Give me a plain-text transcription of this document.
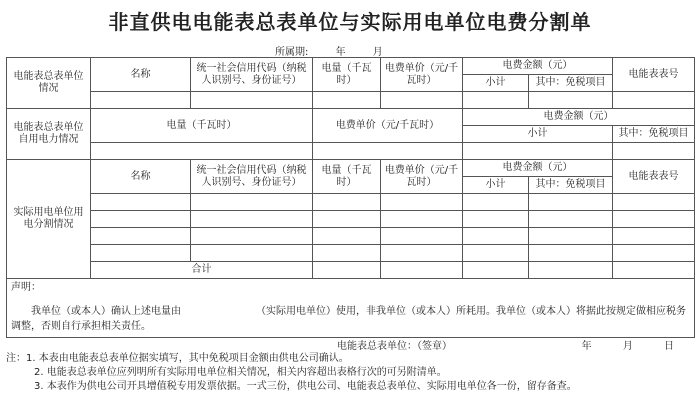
非直供电电能表总表单位与实际用电单位电费分割单
所属期:	年	月
电能表总表单位情况	名称	统一社会信用代码（纳税人识别号、身份证号）	电量（千瓦时）	电费单价（元/千瓦时）	电费金额（元）		电能表表号
					小计	其中：免税项目	

电能表总表单位自用电力情况	电量（千瓦时）		电费单价（元/千瓦时）		电费金额（元）		
					小计		其中：免税项目

实际用电单位用电分割情况	名称	统一社会信用代码（纳税人识别号、身份证号）	电量（千瓦时）	电费单价（元/千瓦时）	电费金额（元）		电能表表号
					小计	其中：免税项目	

	合计						

声明：
我单位（或本人）确认上述电量由　　　　　　　　（实际用电单位）使用，非我单位（或本人）所耗用。我单位（或本人）将据此按规定做相应税务调整，否则自行承担相关责任。
电能表总表单位：（签章） 年 月 日							
注：1. 本表由电能表总表单位据实填写，其中免税项目金额由供电公司确认。
2. 电能表总表单位应列明所有实际用电单位相关情况，相关内容超出表格行次的可另附清单。
3. 本表作为供电公司开具增值税专用发票依据。一式三份，供电公司、电能表总表单位、实际用电单位各一份，留存备查。
